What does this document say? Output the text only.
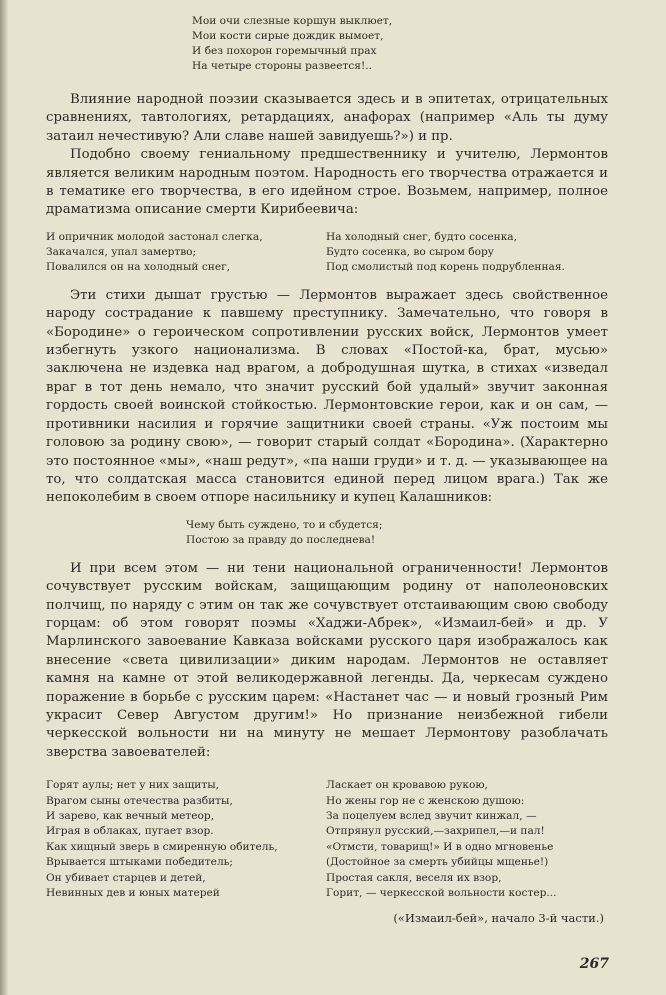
Мои очи слезные коршун выклюет,
Мои кости сирые дождик вымоет,
И без похорон горемычный прах
На четыре стороны развеется!..

Влияние народной поэзии сказывается здесь и в эпитетах, отрицательных сравнениях, тавтологиях, ретардациях, анафорах (например «Аль ты думу затаил нечестивую? Али славе нашей завидуешь?») и пр.

Подобно своему гениальному предшественнику и учителю, Лермонтов является великим народным поэтом. Народность его творчества отражается и в тематике его творчества, в его идейном строе. Возьмем, например, полное драматизма описание смерти Кирибеевича:

И опричник молодой застонал слегка,
Закачался, упал замертво;
Повалился он на холодный снег,
На холодный снег, будто сосенка,
Будто сосенка, во сыром бору
Под смолистый под корень подрубленная.

Эти стихи дышат грустью — Лермонтов выражает здесь свойственное народу сострадание к павшему преступнику. Замечательно, что говоря в «Бородине» о героическом сопротивлении русских войск, Лермонтов умеет избегнуть узкого национализма. В словах «Постой-ка, брат, мусью» заключена не издевка над врагом, а добродушная шутка, в стихах «изведал враг в тот день немало, что значит русский бой удалый» звучит законная гордость своей воинской стойкостью. Лермонтовские герои, как и он сам, — противники насилия и горячие защитники своей страны. «Уж постоим мы головою за родину свою», — говорит старый солдат «Бородина». (Характерно это постоянное «мы», «наш редут», «па наши груди» и т. д. — указывающее на то, что солдатская масса становится единой перед лицом врага.) Так же непоколебим в своем отпоре насильнику и купец Калашников:

Чему быть суждено, то и сбудется;
Постою за правду до последнева!

И при всем этом — ни тени национальной ограниченности! Лермонтов сочувствует русским войскам, защищающим родину от наполеоновских полчищ, по наряду с этим он так же сочувствует отстаивающим свою свободу горцам: об этом говорят поэмы «Хаджи-Абрек», «Измаил-бей» и др. У Марлинского завоевание Кавказа войсками русского царя изображалось как внесение «света цивилизации» диким народам. Лермонтов не оставляет камня на камне от этой великодержавной легенды. Да, черкесам суждено поражение в борьбе с русским царем: «Настанет час — и новый грозный Рим украсит Север Августом другим!» Но признание неизбежной гибели черкесской вольности ни на минуту не мешает Лермонтову разоблачать зверства завоевателей:

Горят аулы; нет у них защиты,
Врагом сыны отечества разбиты,
И зарево, как вечный метеор,
Играя в облаках, пугает взор.
Как хищный зверь в смиренную обитель,
Врывается штыками победитель;
Он убивает старцев и детей,
Невинных дев и юных матерей
Ласкает он кровавою рукою,
Но жены гор не с женскою душою:
За поцелуем вслед звучит кинжал, —
Отпрянул русский,—захрипел,—и пал!
«Отмсти, товарищ!» И в одно мгновенье
(Достойное за смерть убийцы мщенье!)
Простая сакля, веселя их взор,
Горит, — черкесской вольности костер...
(«Измаил-бей», начало 3-й части.)
267
